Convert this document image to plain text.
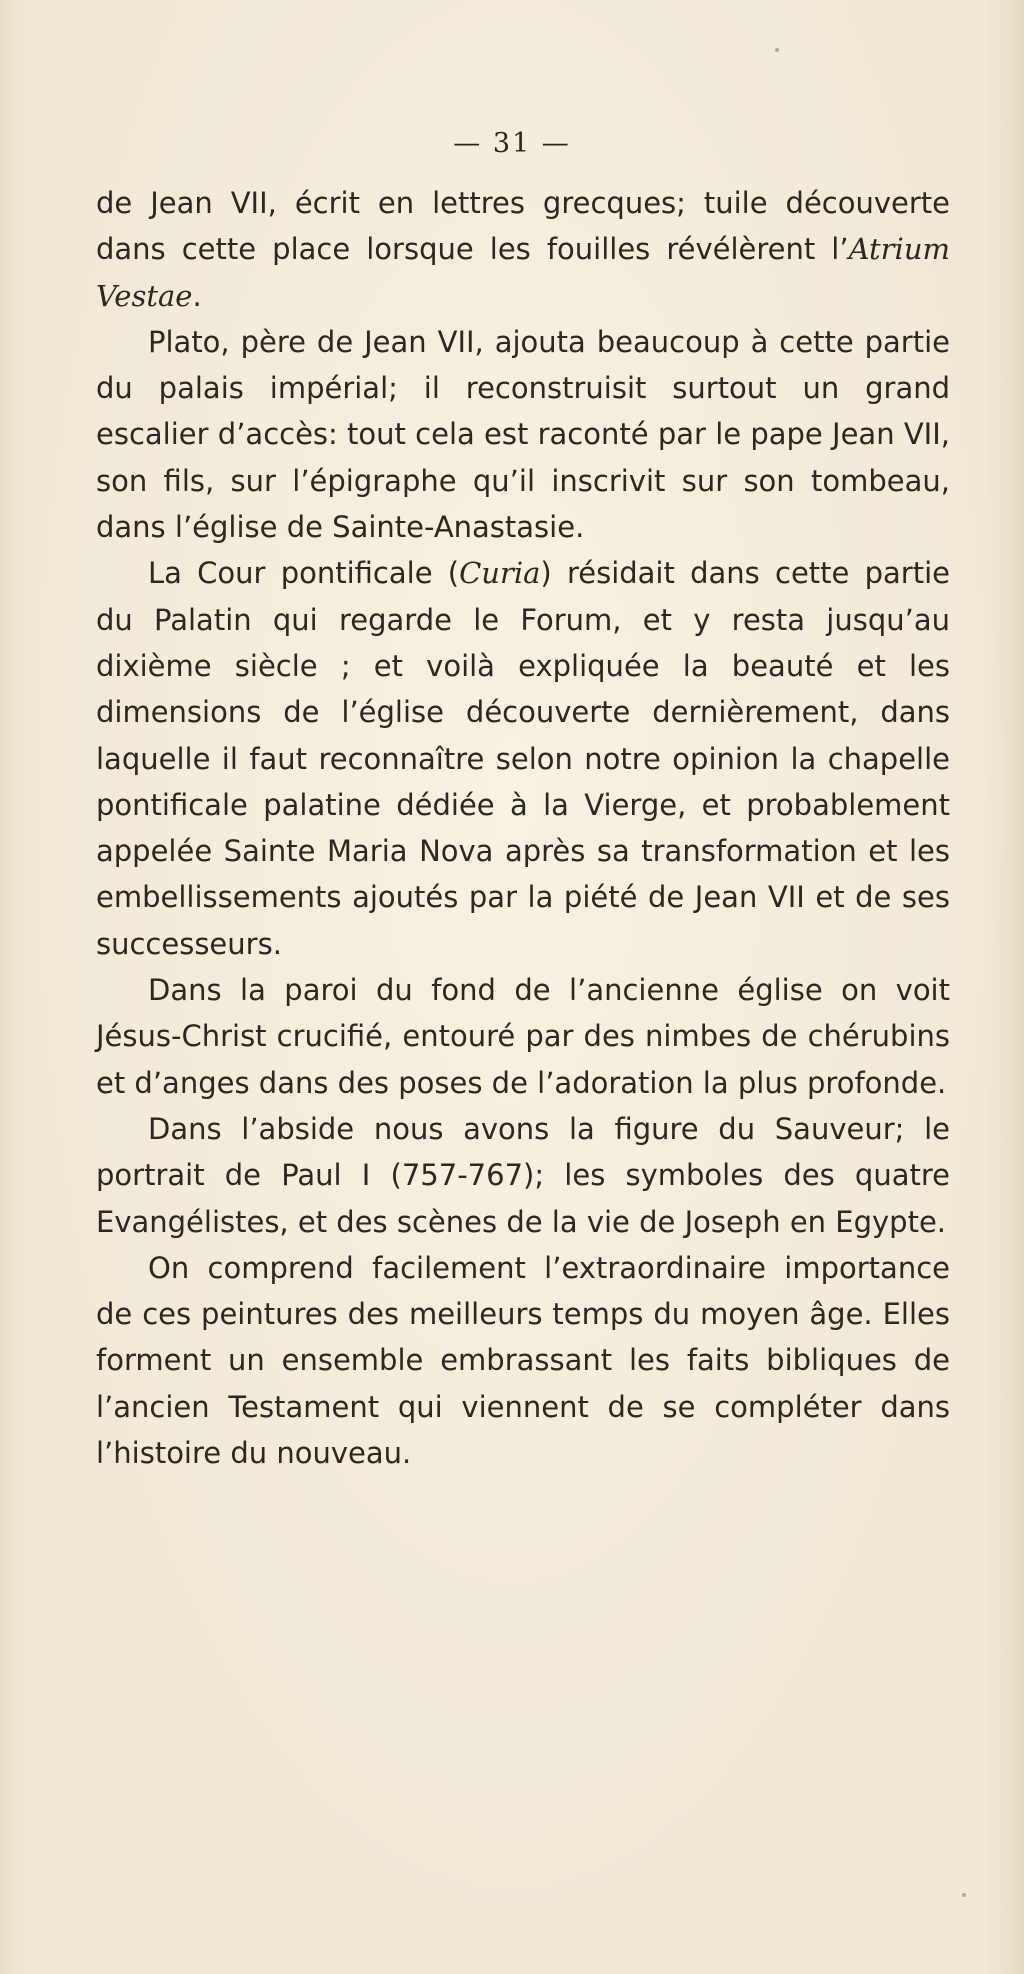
— 31 —

de Jean VII, écrit en lettres grecques; tuile découverte dans cette place lorsque les fouilles révélèrent l’Atrium Vestae.

Plato, père de Jean VII, ajouta beaucoup à cette partie du palais impérial; il reconstruisit surtout un grand escalier d’accès: tout cela est raconté par le pape Jean VII, son fils, sur l’épigraphe qu’il inscrivit sur son tombeau, dans l’église de Sainte-Anastasie.

La Cour pontificale (Curia) résidait dans cette partie du Palatin qui regarde le Forum, et y resta jusqu’au dixième siècle ; et voilà expliquée la beauté et les dimensions de l’église découverte dernièrement, dans laquelle il faut reconnaître selon notre opinion la chapelle pontificale palatine dédiée à la Vierge, et probablement appelée Sainte Maria Nova après sa transformation et les embellissements ajoutés par la piété de Jean VII et de ses successeurs.

Dans la paroi du fond de l’ancienne église on voit Jésus-Christ crucifié, entouré par des nimbes de chérubins et d’anges dans des poses de l’adoration la plus profonde.

Dans l’abside nous avons la figure du Sauveur; le portrait de Paul I (757-767); les symboles des quatre Evangélistes, et des scènes de la vie de Joseph en Egypte.

On comprend facilement l’extraordinaire importance de ces peintures des meilleurs temps du moyen âge. Elles forment un ensemble embrassant les faits bibliques de l’ancien Testament qui viennent de se compléter dans l’histoire du nouveau.
